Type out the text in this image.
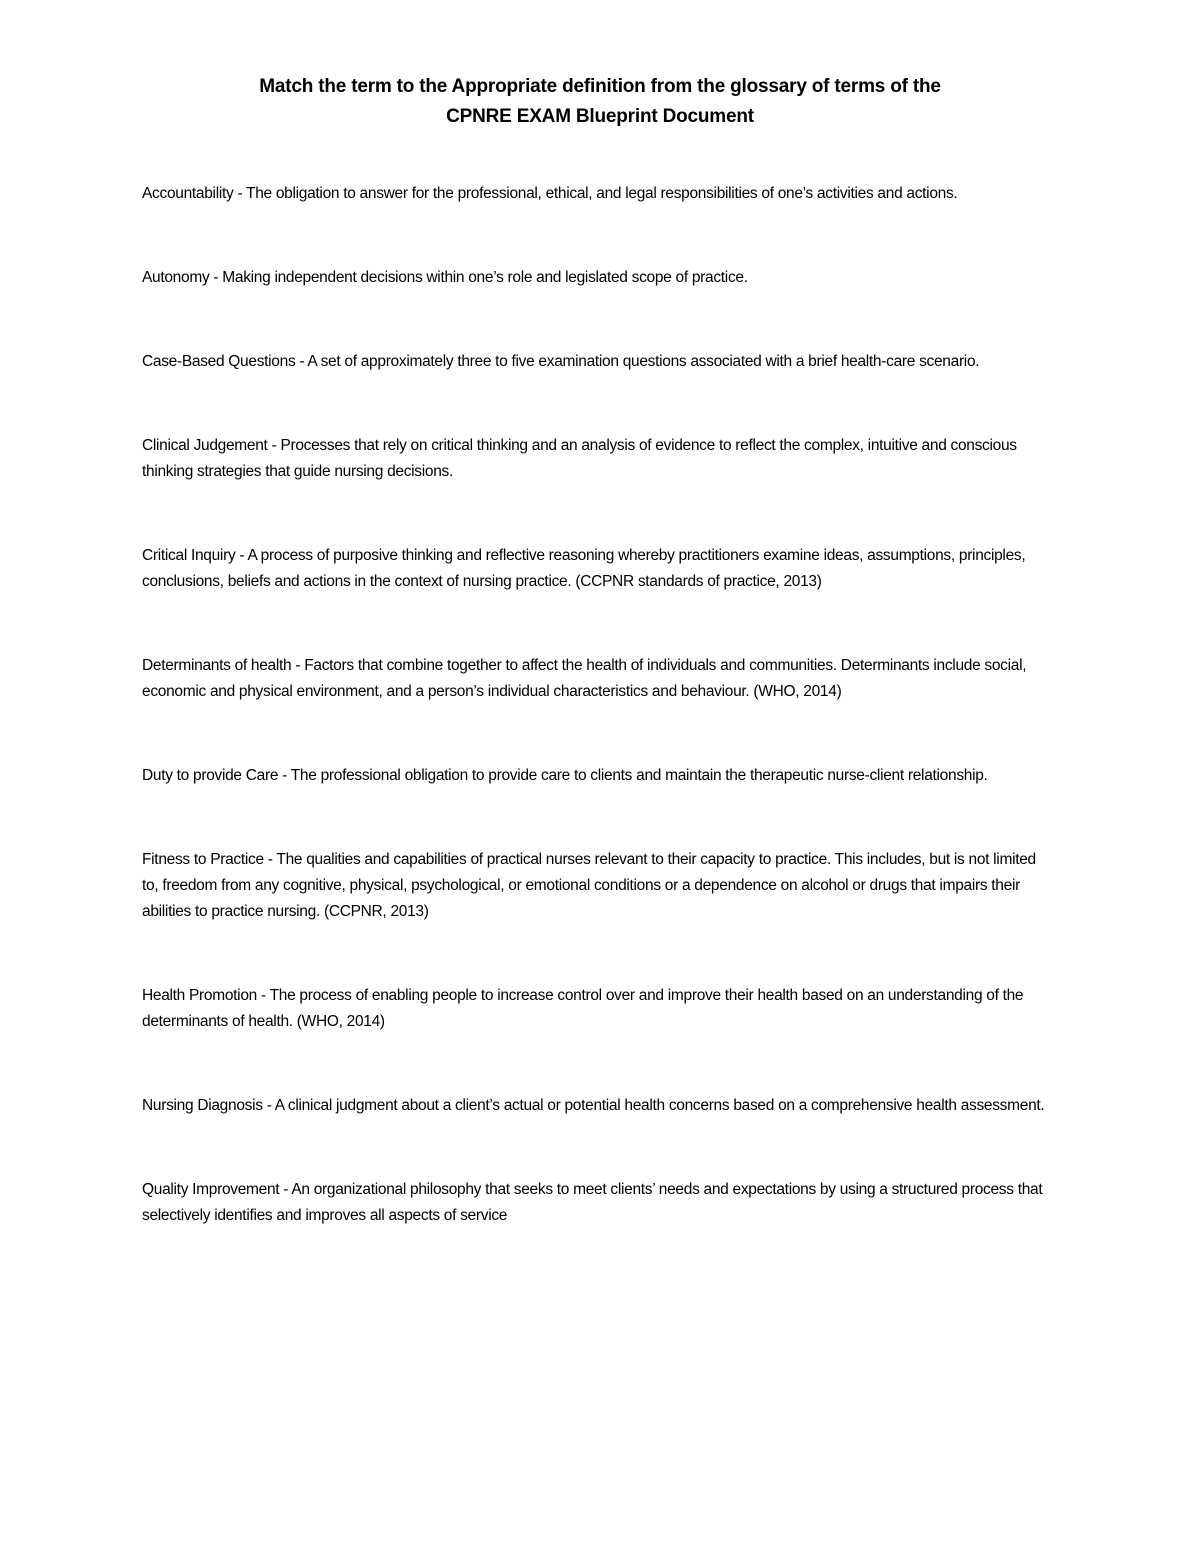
Match the term to the Appropriate definition from the glossary of terms of the
CPNRE EXAM Blueprint Document

Accountability - The obligation to answer for the professional, ethical, and legal responsibilities of one’s activities and actions.

Autonomy - Making independent decisions within one’s role and legislated scope of practice.

Case-Based Questions - A set of approximately three to five examination questions associated with a brief health-care scenario.

Clinical Judgement - Processes that rely on critical thinking and an analysis of evidence to reflect the complex, intuitive and conscious thinking strategies that guide nursing decisions.

Critical Inquiry - A process of purposive thinking and reflective reasoning whereby practitioners examine ideas, assumptions, principles, conclusions, beliefs and actions in the context of nursing practice. (CCPNR standards of practice, 2013)

Determinants of health - Factors that combine together to affect the health of individuals and communities. Determinants include social, economic and physical environment, and a person’s individual characteristics and behaviour. (WHO, 2014)

Duty to provide Care - The professional obligation to provide care to clients and maintain the therapeutic nurse-client relationship.

Fitness to Practice - The qualities and capabilities of practical nurses relevant to their capacity to practice. This includes, but is not limited to, freedom from any cognitive, physical, psychological, or emotional conditions or a dependence on alcohol or drugs that impairs their abilities to practice nursing. (CCPNR, 2013)

Health Promotion - The process of enabling people to increase control over and improve their health based on an understanding of the determinants of health. (WHO, 2014)

Nursing Diagnosis - A clinical judgment about a client’s actual or potential health concerns based on a comprehensive health assessment.

Quality Improvement - An organizational philosophy that seeks to meet clients’ needs and expectations by using a structured process that selectively identifies and improves all aspects of service
